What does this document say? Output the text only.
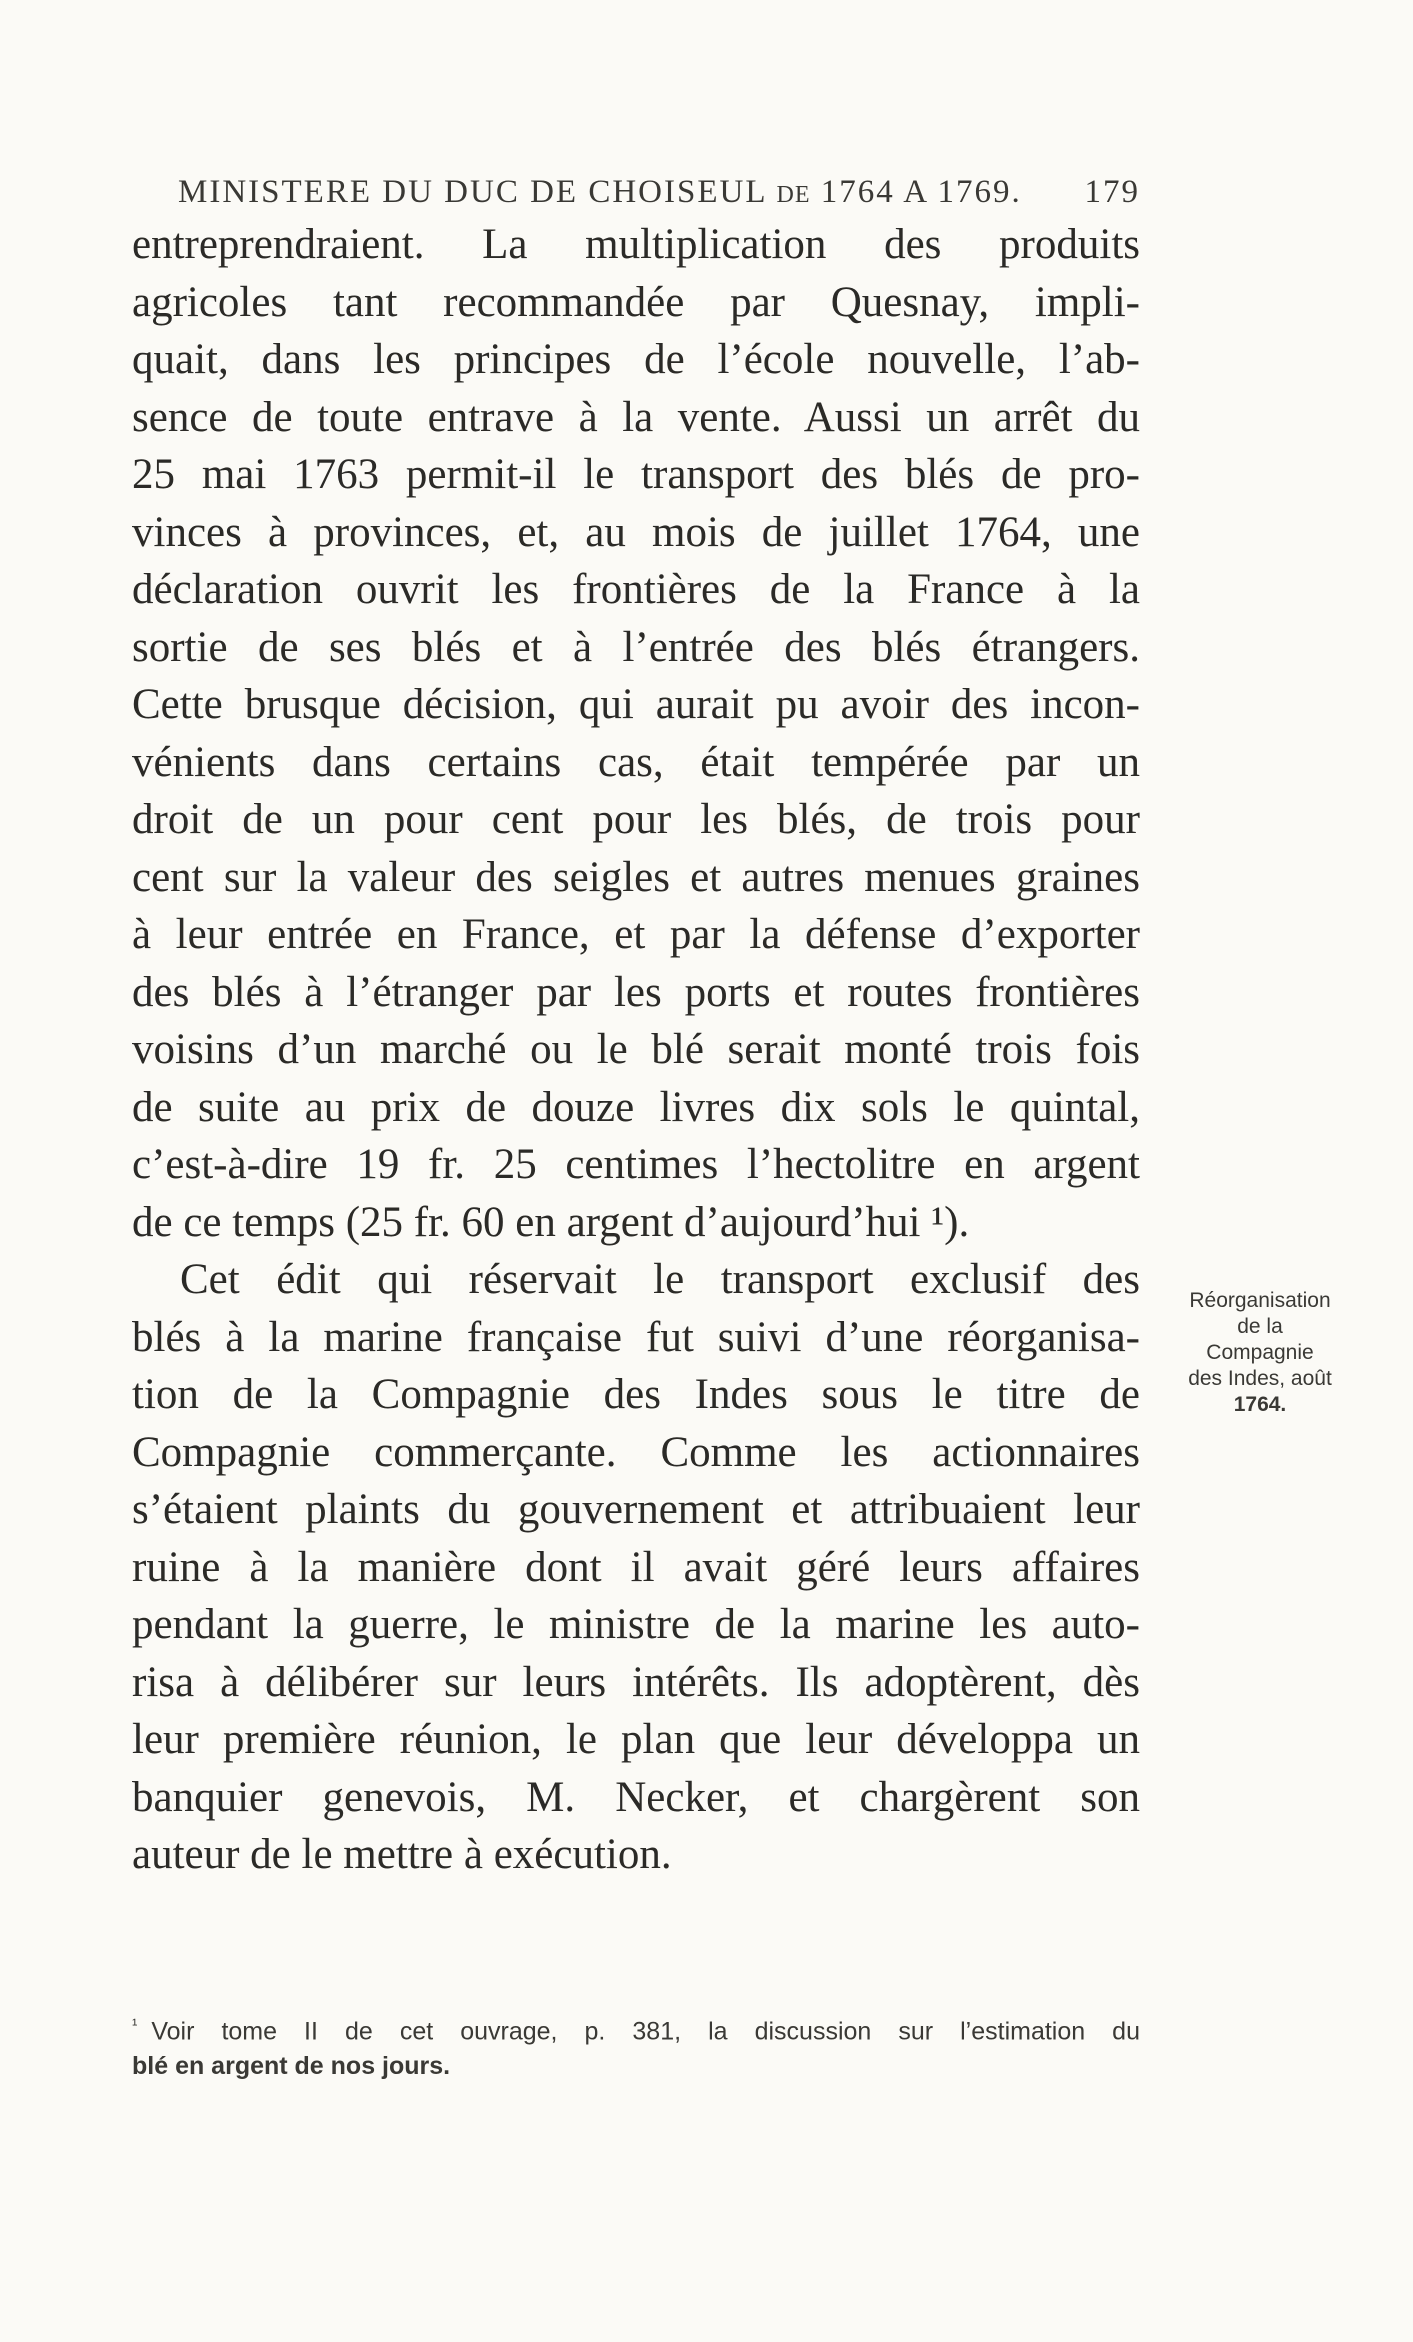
MINISTERE DU DUC DE CHOISEUL DE 1764 A 1769. 179
entreprendraient. La multiplication des produits
agricoles tant recommandée par Quesnay, impli-
quait, dans les principes de l’école nouvelle, l’ab-
sence de toute entrave à la vente. Aussi un arrêt du
25 mai 1763 permit-il le transport des blés de pro-
vinces à provinces, et, au mois de juillet 1764, une
déclaration ouvrit les frontières de la France à la
sortie de ses blés et à l’entrée des blés étrangers.
Cette brusque décision, qui aurait pu avoir des incon-
vénients dans certains cas, était tempérée par un
droit de un pour cent pour les blés, de trois pour
cent sur la valeur des seigles et autres menues graines
à leur entrée en France, et par la défense d’exporter
des blés à l’étranger par les ports et routes frontières
voisins d’un marché ou le blé serait monté trois fois
de suite au prix de douze livres dix sols le quintal,
c’est-à-dire 19 fr. 25 centimes l’hectolitre en argent
de ce temps (25 fr. 60 en argent d’aujourd’hui ¹).
Cet édit qui réservait le transport exclusif des
blés à la marine française fut suivi d’une réorganisa-
tion de la Compagnie des Indes sous le titre de
Compagnie commerçante. Comme les actionnaires
s’étaient plaints du gouvernement et attribuaient leur
ruine à la manière dont il avait géré leurs affaires
pendant la guerre, le ministre de la marine les auto-
risa à délibérer sur leurs intérêts. Ils adoptèrent, dès
leur première réunion, le plan que leur développa un
banquier genevois, M. Necker, et chargèrent son
auteur de le mettre à exécution.
Réorganisation
de la
Compagnie
des Indes, août
1764.
$^{^1}$ Voir tome II de cet ouvrage, p. 381, la discussion sur l’estimation du
blé en argent de nos jours.
